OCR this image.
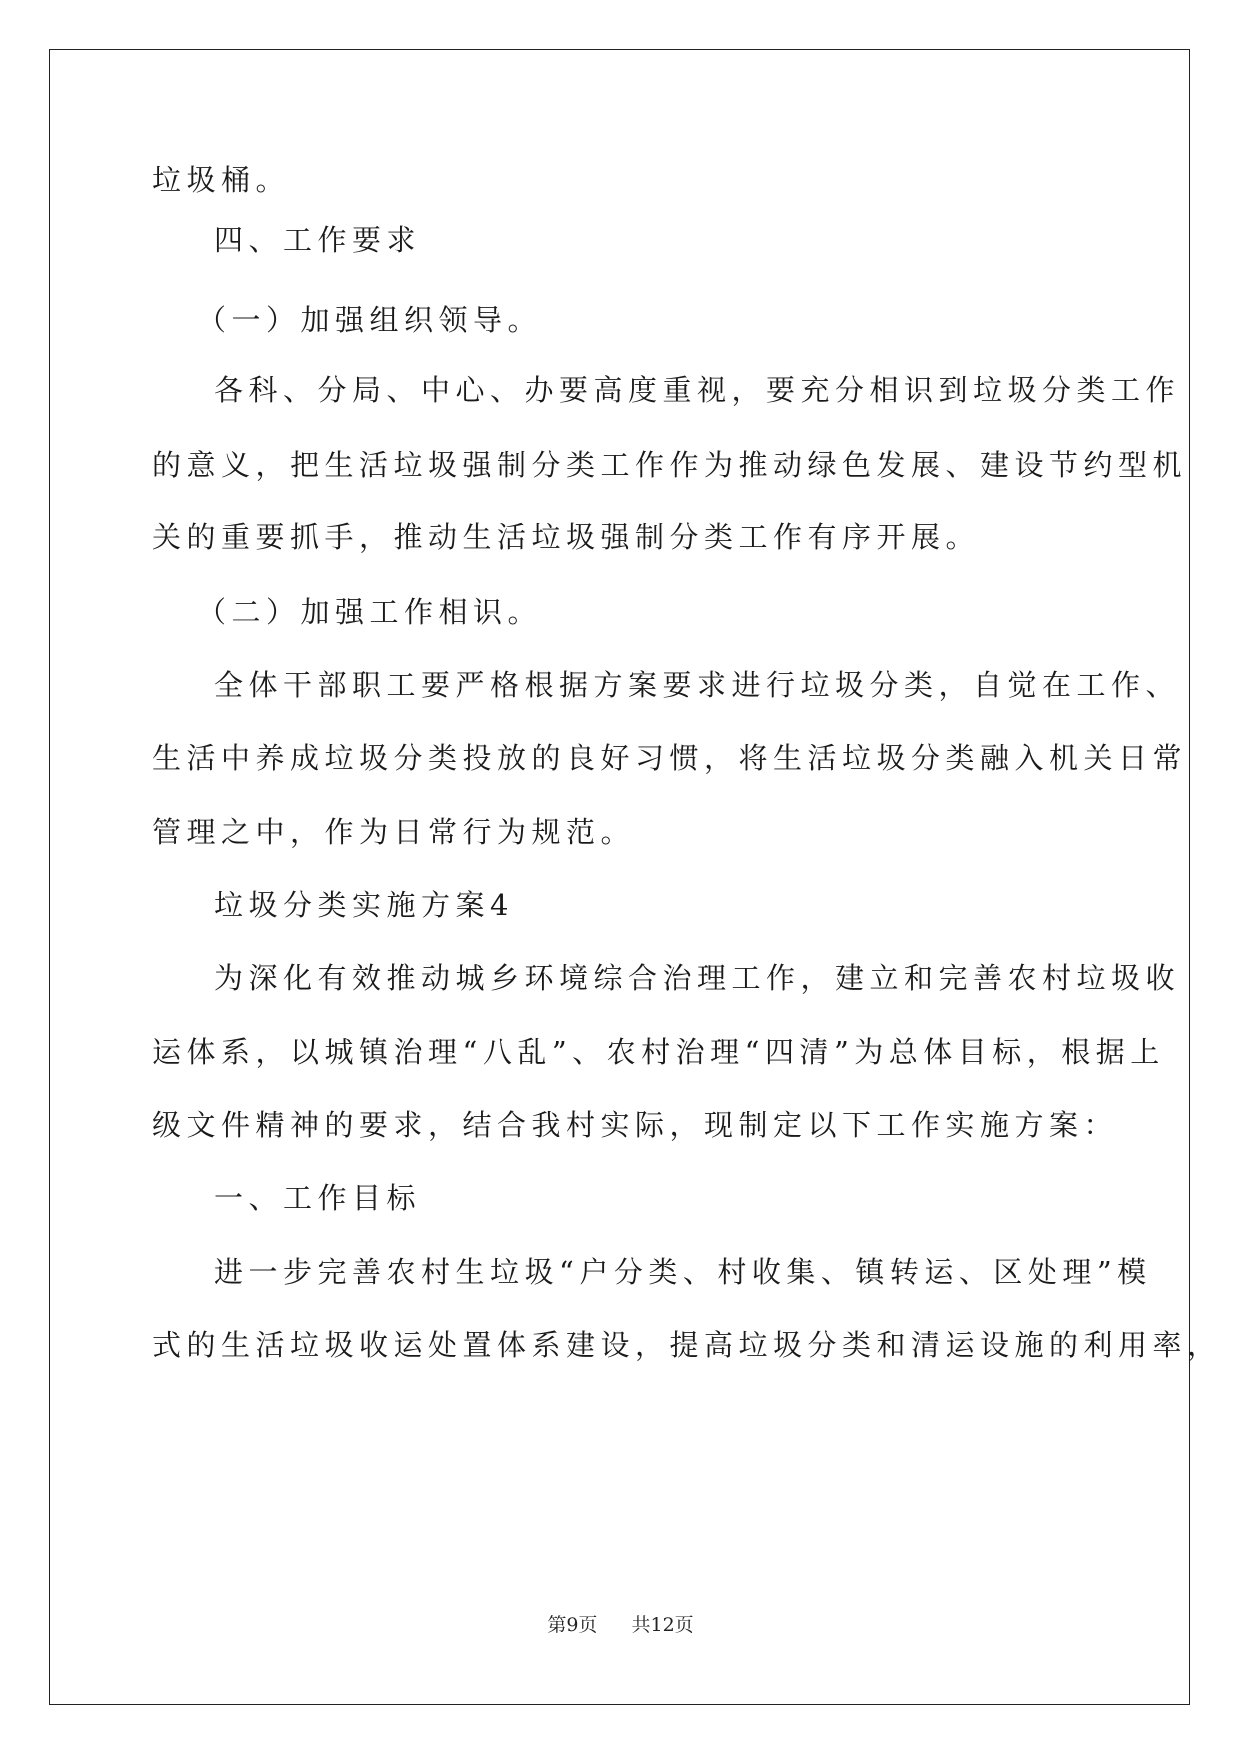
垃圾桶。
四、工作要求
（一）加强组织领导。
各科、分局、中心、办要高度重视，要充分相识到垃圾分类工作
的意义，把生活垃圾强制分类工作作为推动绿色发展、建设节约型机
关的重要抓手，推动生活垃圾强制分类工作有序开展。
（二）加强工作相识。
全体干部职工要严格根据方案要求进行垃圾分类，自觉在工作、
生活中养成垃圾分类投放的良好习惯，将生活垃圾分类融入机关日常
管理之中，作为日常行为规范。
垃圾分类实施方案4
为深化有效推动城乡环境综合治理工作，建立和完善农村垃圾收
运体系，以城镇治理“八乱”、农村治理“四清”为总体目标，根据上
级文件精神的要求，结合我村实际，现制定以下工作实施方案：
一、工作目标
进一步完善农村生垃圾“户分类、村收集、镇转运、区处理”模
式的生活垃圾收运处置体系建设，提高垃圾分类和清运设施的利用率，
第9页 共12页
